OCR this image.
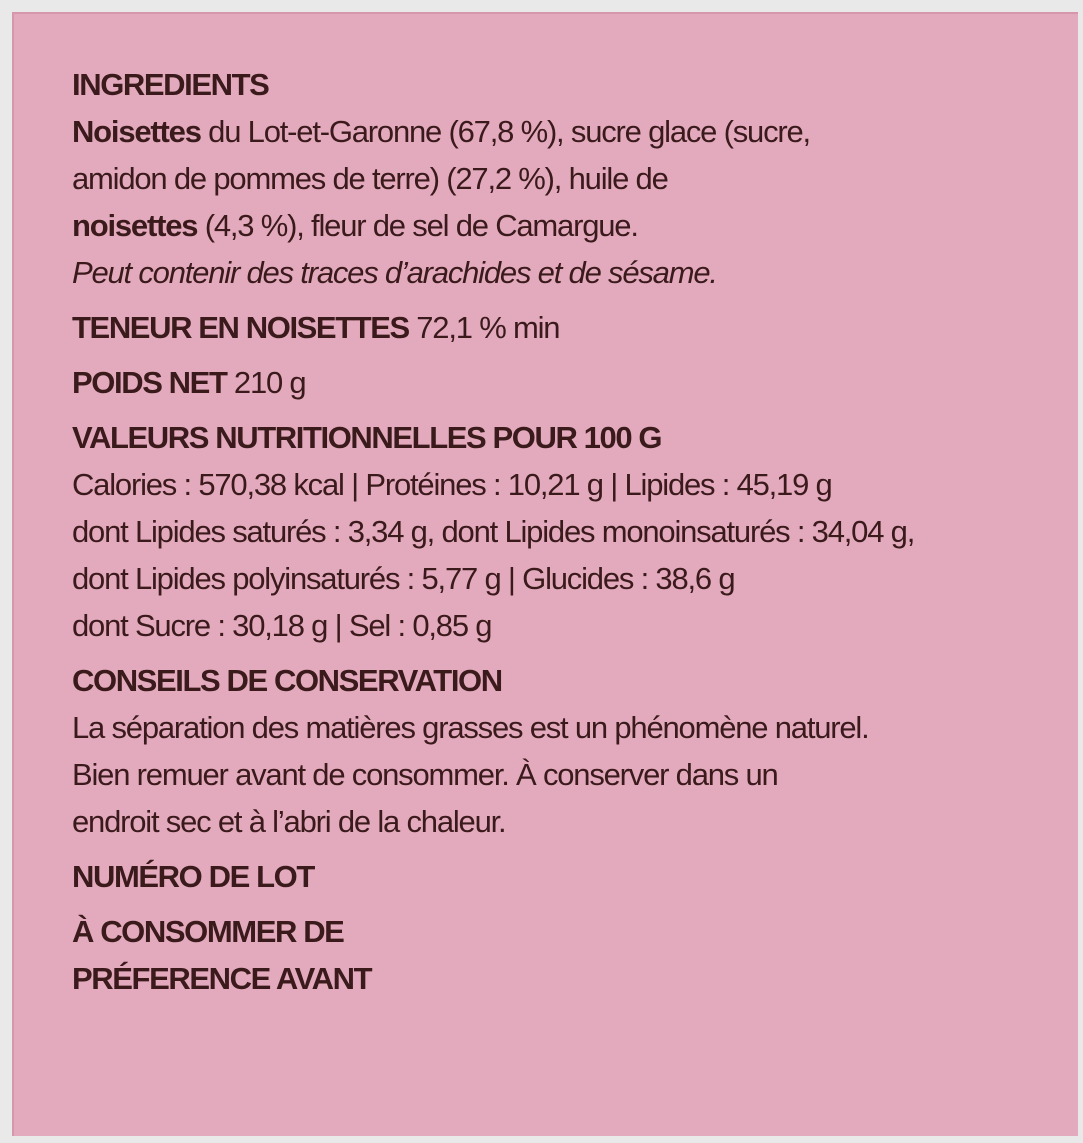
INGREDIENTS
Noisettes du Lot-et-Garonne (67,8 %), sucre glace (sucre,
amidon de pommes de terre) (27,2 %), huile de
noisettes (4,3 %), fleur de sel de Camargue.
Peut contenir des traces d’arachides et de sésame.
TENEUR EN NOISETTES 72,1 % min
POIDS NET 210 g
VALEURS NUTRITIONNELLES POUR 100 G
Calories : 570,38 kcal | Protéines : 10,21 g | Lipides : 45,19 g
dont Lipides saturés : 3,34 g, dont Lipides monoinsaturés : 34,04 g,
dont Lipides polyinsaturés : 5,77 g | Glucides : 38,6 g
dont Sucre : 30,18 g | Sel : 0,85 g
CONSEILS DE CONSERVATION
La séparation des matières grasses est un phénomène naturel.
Bien remuer avant de consommer. À conserver dans un
endroit sec et à l’abri de la chaleur.
NUMÉRO DE LOT
À CONSOMMER DE
PRÉFERENCE AVANT
